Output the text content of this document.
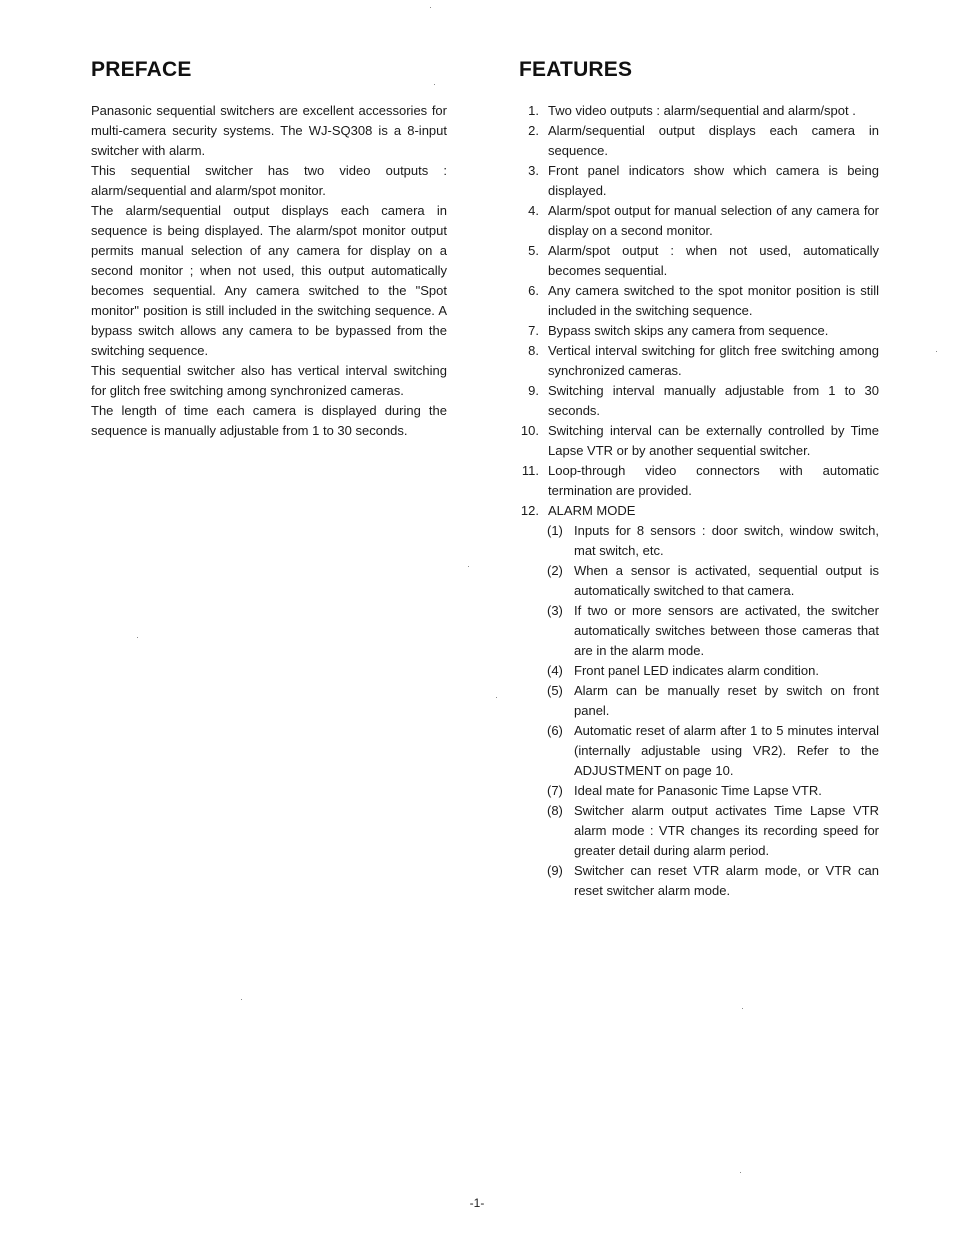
PREFACE

Panasonic sequential switchers are excellent accessories for multi-camera security systems. The WJ-SQ308 is a 8-input switcher with alarm.

This sequential switcher has two video outputs : alarm/sequential and alarm/spot monitor.

The alarm/sequential output displays each camera in sequence is being displayed. The alarm/spot monitor output permits manual selection of any camera for display on a second monitor ; when not used, this output automatically becomes sequential. Any camera switched to the "Spot monitor" position is still included in the switching sequence. A bypass switch allows any camera to be bypassed from the switching sequence.

This sequential switcher also has vertical interval switching for glitch free switching among synchronized cameras.

The length of time each camera is displayed during the sequence is manually adjustable from 1 to 30 seconds.

FEATURES
1. Two video outputs : alarm/sequential and alarm/spot .
2. Alarm/sequential output displays each camera in sequence.
3. Front panel indicators show which camera is being displayed.
4. Alarm/spot output for manual selection of any camera for display on a second monitor.
5. Alarm/spot output : when not used, automatically becomes sequential.
6. Any camera switched to the spot monitor position is still included in the switching sequence.
7. Bypass switch skips any camera from sequence.
8. Vertical interval switching for glitch free switching among synchronized cameras.
9. Switching interval manually adjustable from 1 to 30 seconds.
10. Switching interval can be externally controlled by Time Lapse VTR or by another sequential switcher.
11. Loop-through video connectors with automatic termination are provided.
12. ALARM MODE
(1) Inputs for 8 sensors : door switch, window switch, mat switch, etc.
(2) When a sensor is activated, sequential output is automatically switched to that camera.
(3) If two or more sensors are activated, the switcher automatically switches between those cameras that are in the alarm mode.
(4) Front panel LED indicates alarm condition.
(5) Alarm can be manually reset by switch on front panel.
(6) Automatic reset of alarm after 1 to 5 minutes interval (internally adjustable using VR2). Refer to the ADJUSTMENT on page 10.
(7) Ideal mate for Panasonic Time Lapse VTR.
(8) Switcher alarm output activates Time Lapse VTR alarm mode : VTR changes its recording speed for greater detail during alarm period.
(9) Switcher can reset VTR alarm mode, or VTR can reset switcher alarm mode.
-1-
